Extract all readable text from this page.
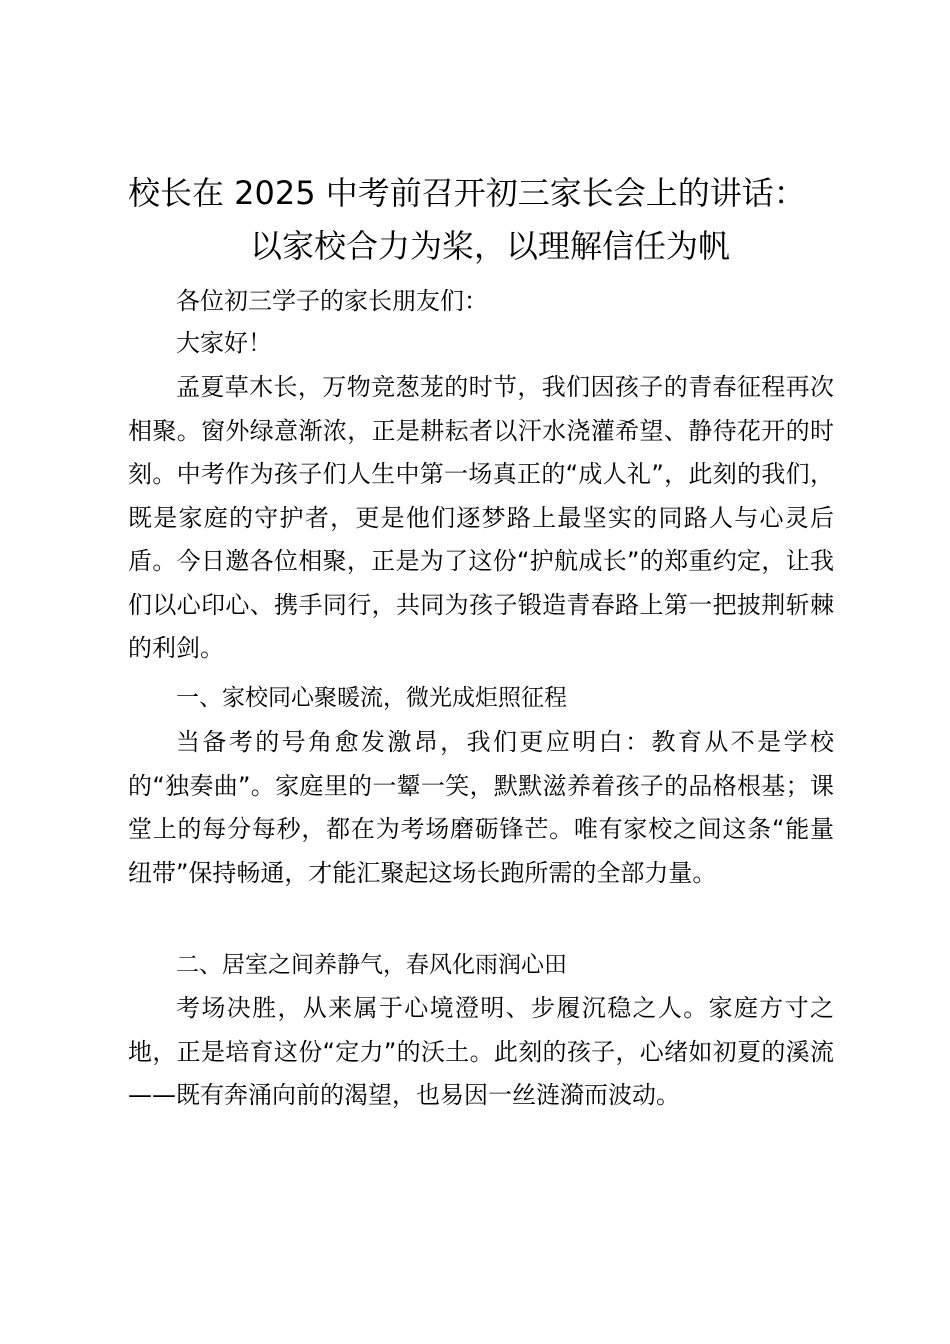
校长在 2025 中考前召开初三家长会上的讲话：
以家校合力为桨，以理解信任为帆

各位初三学子的家长朋友们：

大家好！

孟夏草木长，万物竞葱茏的时节，我们因孩子的青春征程再次相聚。窗外绿意渐浓，正是耕耘者以汗水浇灌希望、静待花开的时刻。中考作为孩子们人生中第一场真正的“成人礼”，此刻的我们，既是家庭的守护者，更是他们逐梦路上最坚实的同路人与心灵后盾。今日邀各位相聚，正是为了这份“护航成长”的郑重约定，让我们以心印心、携手同行，共同为孩子锻造青春路上第一把披荆斩棘的利剑。

一、家校同心聚暖流，微光成炬照征程

当备考的号角愈发激昂，我们更应明白：教育从不是学校的“独奏曲”。家庭里的一颦一笑，默默滋养着孩子的品格根基；课堂上的每分每秒，都在为考场磨砺锋芒。唯有家校之间这条“能量纽带”保持畅通，才能汇聚起这场长跑所需的全部力量。

二、居室之间养静气，春风化雨润心田

考场决胜，从来属于心境澄明、步履沉稳之人。家庭方寸之地，正是培育这份“定力”的沃土。此刻的孩子，心绪如初夏的溪流——既有奔涌向前的渴望，也易因一丝涟漪而波动。
